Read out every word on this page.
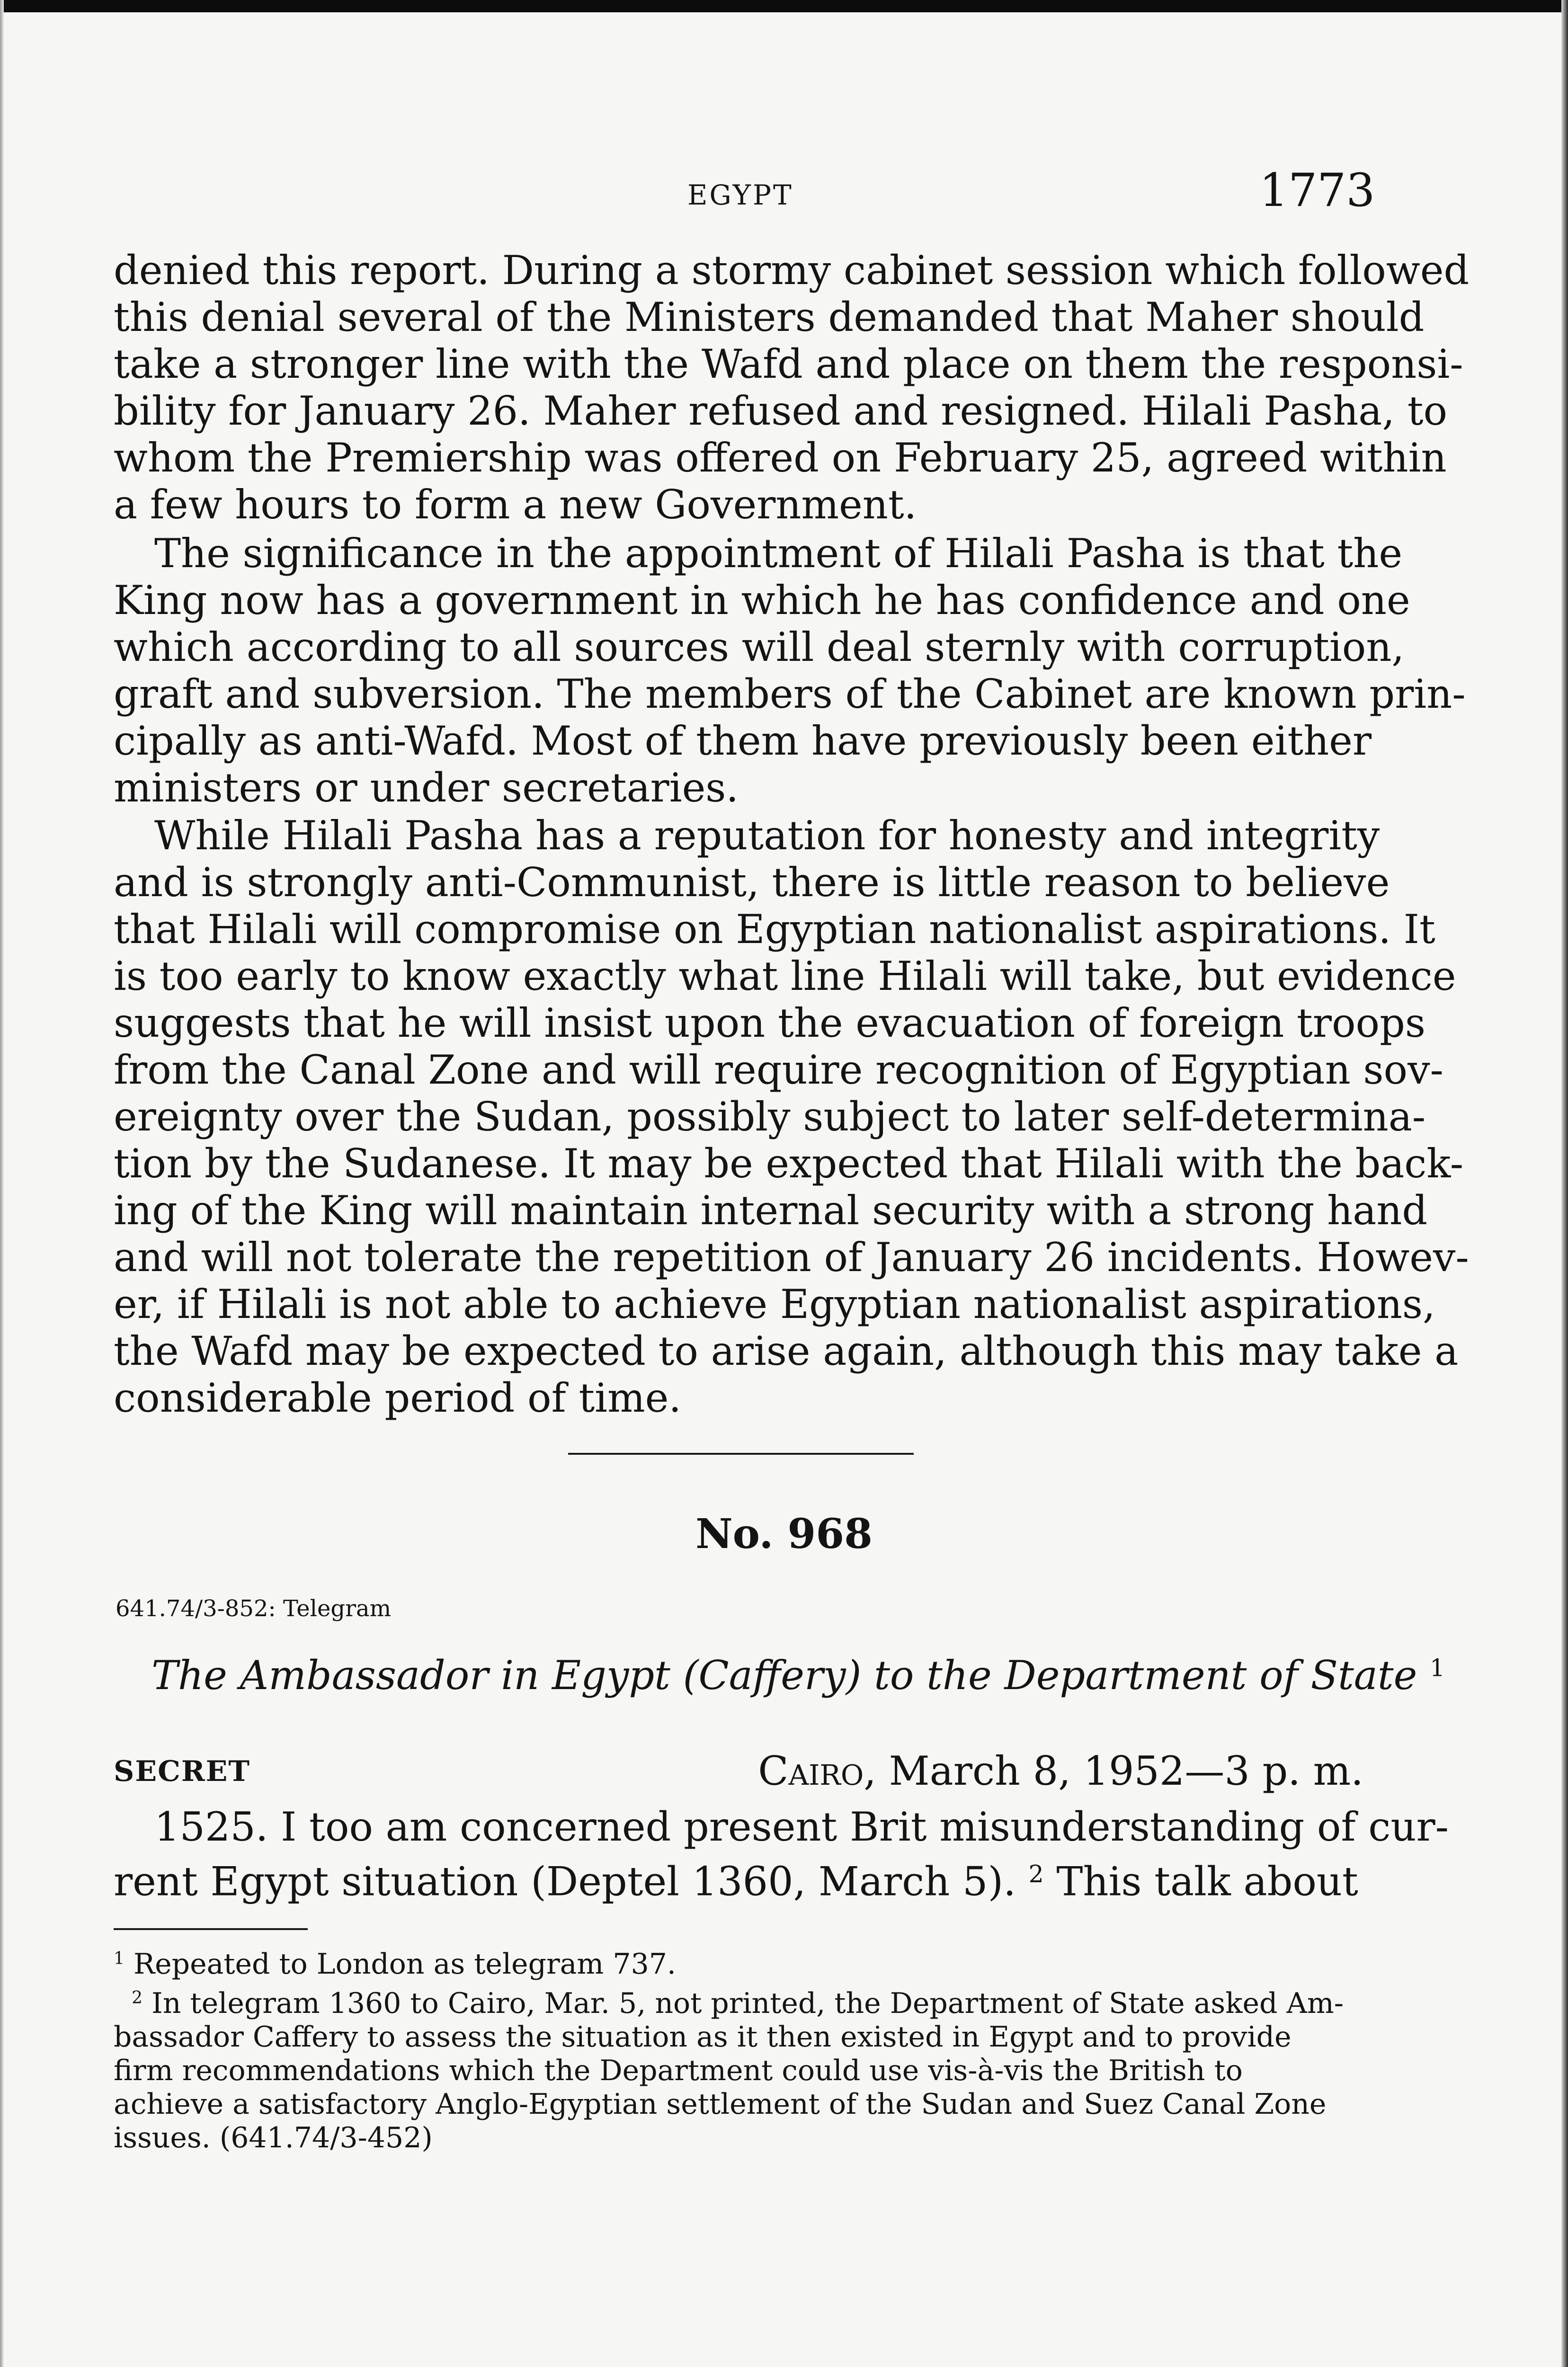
EGYPT	1773

denied this report. During a stormy cabinet session which followed
this denial several of the Ministers demanded that Maher should
take a stronger line with the Wafd and place on them the responsi-
bility for January 26. Maher refused and resigned. Hilali Pasha, to
whom the Premiership was offered on February 25, agreed within
a few hours to form a new Government.

The significance in the appointment of Hilali Pasha is that the
King now has a government in which he has confidence and one
which according to all sources will deal sternly with corruption,
graft and subversion. The members of the Cabinet are known prin-
cipally as anti-Wafd. Most of them have previously been either
ministers or under secretaries.

While Hilali Pasha has a reputation for honesty and integrity
and is strongly anti-Communist, there is little reason to believe
that Hilali will compromise on Egyptian nationalist aspirations. It
is too early to know exactly what line Hilali will take, but evidence
suggests that he will insist upon the evacuation of foreign troops
from the Canal Zone and will require recognition of Egyptian sov-
ereignty over the Sudan, possibly subject to later self-determina-
tion by the Sudanese. It may be expected that Hilali with the back-
ing of the King will maintain internal security with a strong hand
and will not tolerate the repetition of January 26 incidents. Howev-
er, if Hilali is not able to achieve Egyptian nationalist aspirations,
the Wafd may be expected to arise again, although this may take a
considerable period of time.

No. 968
641.74/3-852: Telegram
The Ambassador in Egypt (Caffery) to the Department of State $^1$
SECRET	Cairo, March 8, 1952—3 p. m.

1525. I too am concerned present Brit misunderstanding of cur-
rent Egypt situation (Deptel 1360, March 5). $^2$ This talk about

$^1$ Repeated to London as telegram 737.

$^2$ In telegram 1360 to Cairo, Mar. 5, not printed, the Department of State asked Am-
bassador Caffery to assess the situation as it then existed in Egypt and to provide
firm recommendations which the Department could use vis-à-vis the British to
achieve a satisfactory Anglo-Egyptian settlement of the Sudan and Suez Canal Zone
issues. (641.74/3-452)
